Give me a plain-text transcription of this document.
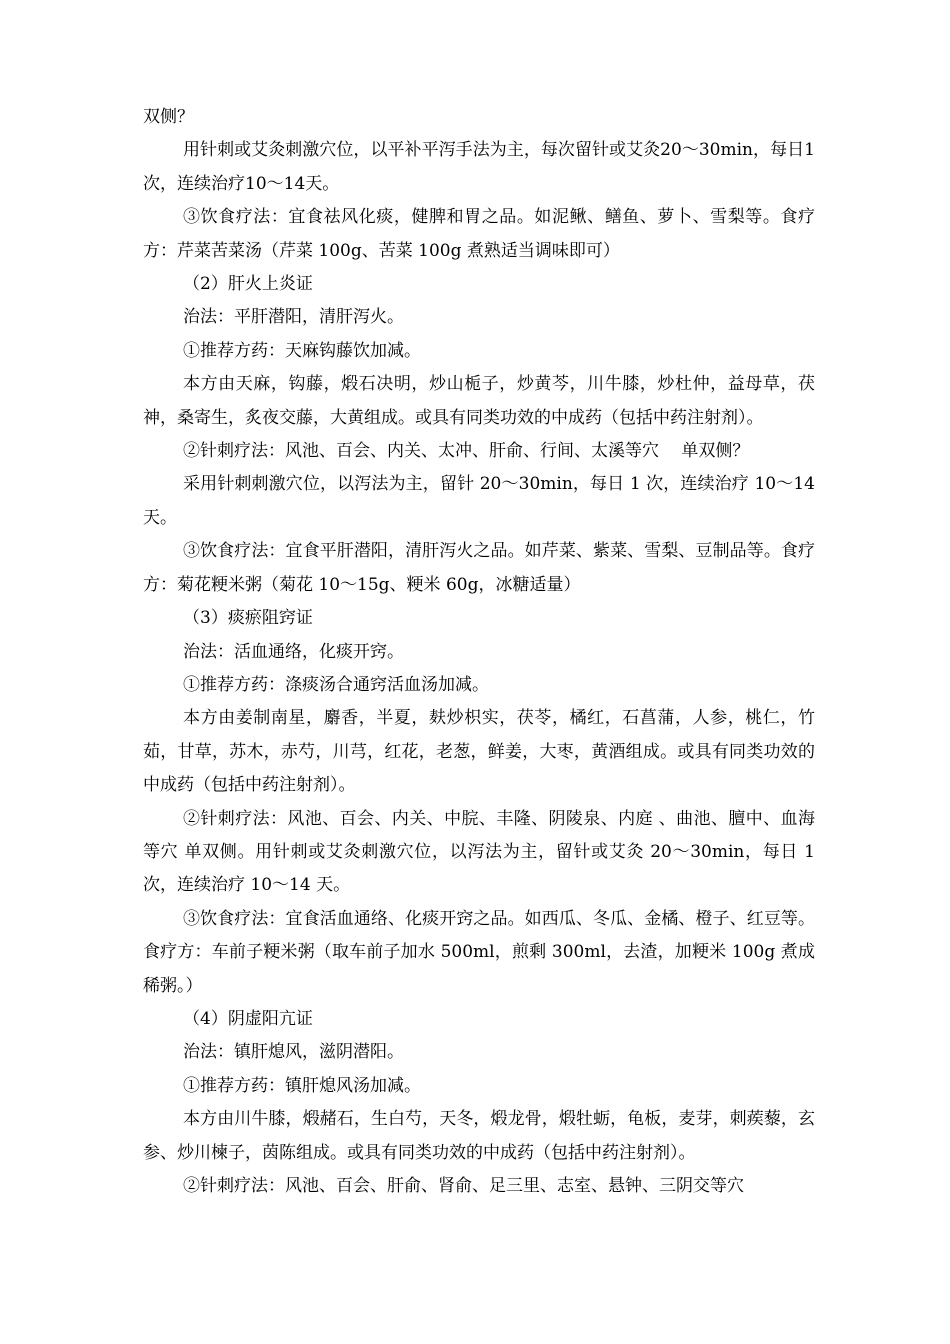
双侧？

用针刺或艾灸刺激穴位，以平补平泻手法为主，每次留针或艾灸20～30min，每日1次，连续治疗10～14天。

③饮食疗法：宜食祛风化痰，健脾和胃之品。如泥鳅、鳝鱼、萝卜、雪梨等。食疗方：芹菜苦菜汤（芹菜 100g、苦菜 100g 煮熟适当调味即可）

（2）肝火上炎证

治法：平肝潜阳，清肝泻火。

①推荐方药：天麻钩藤饮加减。

本方由天麻，钩藤，煅石决明，炒山栀子，炒黄芩，川牛膝，炒杜仲，益母草，茯神，桑寄生，炙夜交藤，大黄组成。或具有同类功效的中成药（包括中药注射剂）。

②针刺疗法：风池、百会、内关、太冲、肝俞、行间、太溪等穴　 单双侧？

采用针刺刺激穴位，以泻法为主，留针 20～30min，每日 1 次，连续治疗 10～14 天。

③饮食疗法：宜食平肝潜阳，清肝泻火之品。如芹菜、紫菜、雪梨、豆制品等。食疗方：菊花粳米粥（菊花 10～15g、粳米 60g，冰糖适量）

（3）痰瘀阻窍证

治法：活血通络，化痰开窍。

①推荐方药：涤痰汤合通窍活血汤加减。

本方由姜制南星，麝香，半夏，麸炒枳实，茯苓，橘红，石菖蒲，人参，桃仁，竹茹，甘草，苏木，赤芍，川芎，红花，老葱，鲜姜，大枣，黄酒组成。或具有同类功效的中成药（包括中药注射剂）。

②针刺疗法：风池、百会、内关、中脘、丰隆、阴陵泉、内庭 、曲池、膻中、血海等穴 单双侧。用针刺或艾灸刺激穴位，以泻法为主，留针或艾灸 20～30min，每日 1 次，连续治疗 10～14 天。

③饮食疗法：宜食活血通络、化痰开窍之品。如西瓜、冬瓜、金橘、橙子、红豆等。食疗方：车前子粳米粥（取车前子加水 500ml，煎剩 300ml，去渣，加粳米 100g 煮成稀粥。）

（4）阴虚阳亢证

治法：镇肝熄风，滋阴潜阳。

①推荐方药：镇肝熄风汤加减。

本方由川牛膝，煅赭石，生白芍，天冬，煅龙骨，煅牡蛎，龟板，麦芽，刺蒺藜，玄参、炒川楝子，茵陈组成。或具有同类功效的中成药（包括中药注射剂）。

②针刺疗法：风池、百会、肝俞、肾俞、足三里、志室、悬钟、三阴交等穴
